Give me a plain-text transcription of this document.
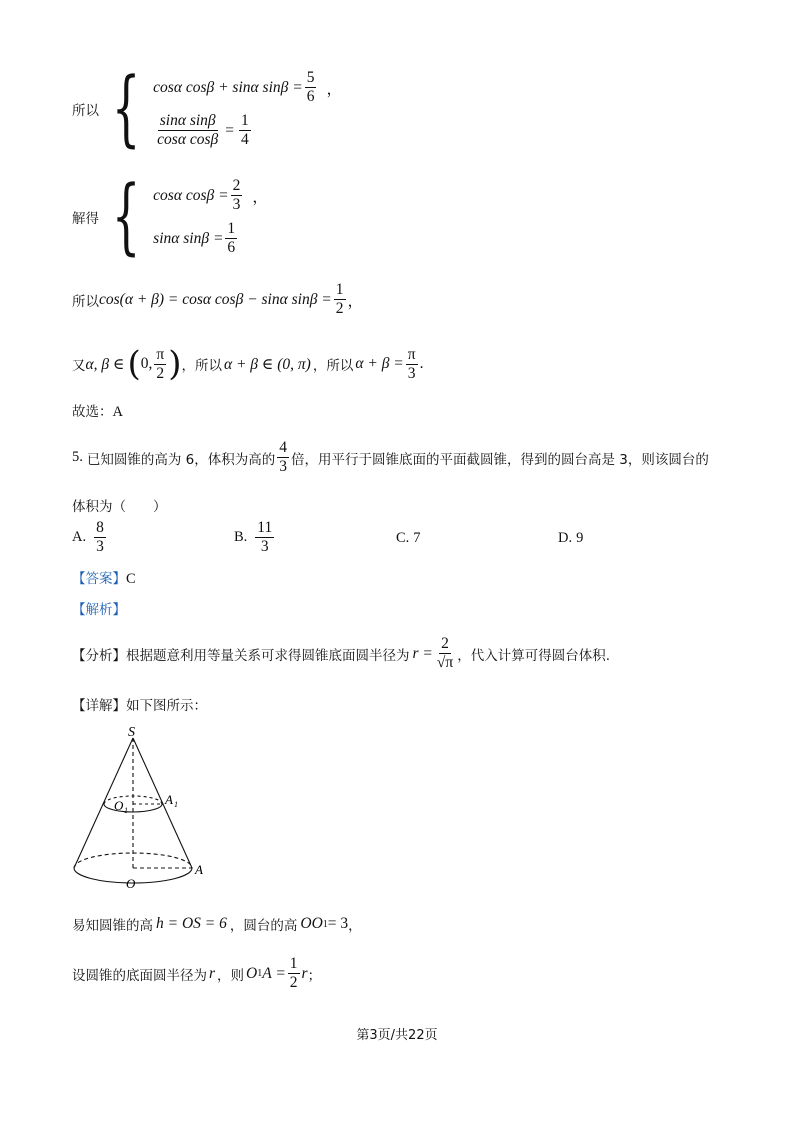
所以 { cosα cosβ + sinα $\sin\beta = \frac{5}{6}$ ，
$\frac{\text{sinα sinβ}}{\text{cosα cosβ}} = \frac{1}{4}$
解得 { cosα $\cos\beta = \frac{2}{3}$ ，
sinα $\sin\beta = \frac{1}{6}$
所以 cos(α + β) = cosα cosβ − sinα $\sin\beta = \frac{1}{2}$ ，
又 α, β ∈ ( 0, $\frac{\pi}{2}$ ) ，所以 α + β ∈ (0, π) ，所以 $\alpha + \beta = \frac{\pi}{3}$ .
故选：A
5. 已知圆锥的高为 6，体积为高的 $\frac{4}{3}$ 倍，用平行于圆锥底面的平面截圆锥，得到的圆台高是 3，则该圆台的
体积为（　　）
A. $\frac{8}{3}$	B. $\frac{11}{3}$	C. 7	D. 9
【答案】C
【解析】
【分析】 根据题意利用等量关系可求得圆锥底面圆半径为 $r = \frac{2}{√\pi}$ ，代入计算可得圆台体积.
【详解】如下图所示：
S
O 1
A 1
A
O
易知圆锥的高 h = OS = 6 ，圆台的高 OO 1 = 3 ，
设圆锥的底面圆半径为 r ，则 O 1 $A = \frac{1}{2}$ r ；
第3页/共22页
